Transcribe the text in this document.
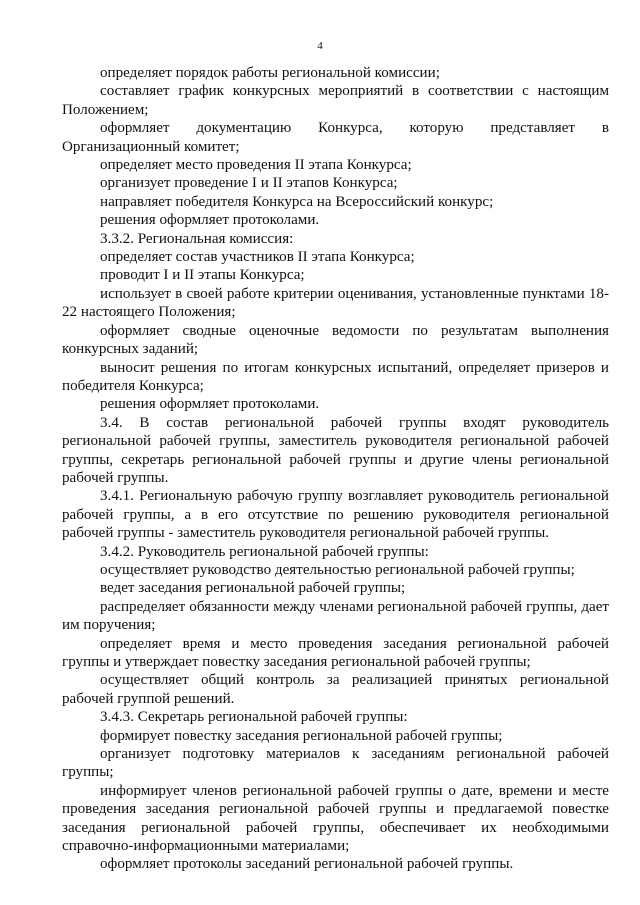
4

определяет порядок работы региональной комиссии;

составляет график конкурсных мероприятий в соответствии с настоящим Положением;

оформляет документацию Конкурса, которую представляет в Организационный комитет;

определяет место проведения II этапа Конкурса;

организует проведение I и II этапов Конкурса;

направляет победителя Конкурса на Всероссийский конкурс;

решения оформляет протоколами.

3.3.2. Региональная комиссия:

определяет состав участников II этапа Конкурса;

проводит I и II этапы Конкурса;

использует в своей работе критерии оценивания, установленные пунктами 18-22 настоящего Положения;

оформляет сводные оценочные ведомости по результатам выполнения конкурсных заданий;

выносит решения по итогам конкурсных испытаний, определяет призеров и победителя Конкурса;

решения оформляет протоколами.

3.4. В состав региональной рабочей группы входят руководитель региональной рабочей группы, заместитель руководителя региональной рабочей группы, секретарь региональной рабочей группы и другие члены региональной рабочей группы.

3.4.1. Региональную рабочую группу возглавляет руководитель региональной рабочей группы, а в его отсутствие по решению руководителя региональной рабочей группы - заместитель руководителя региональной рабочей группы.

3.4.2. Руководитель региональной рабочей группы:

осуществляет руководство деятельностью региональной рабочей группы;

ведет заседания региональной рабочей группы;

распределяет обязанности между членами региональной рабочей группы, дает им поручения;

определяет время и место проведения заседания региональной рабочей группы и утверждает повестку заседания региональной рабочей группы;

осуществляет общий контроль за реализацией принятых региональной рабочей группой решений.

3.4.3. Секретарь региональной рабочей группы:

формирует повестку заседания региональной рабочей группы;

организует подготовку материалов к заседаниям региональной рабочей группы;

информирует членов региональной рабочей группы о дате, времени и месте проведения заседания региональной рабочей группы и предлагаемой повестке заседания региональной рабочей группы, обеспечивает их необходимыми справочно-информационными материалами;

оформляет протоколы заседаний региональной рабочей группы.
